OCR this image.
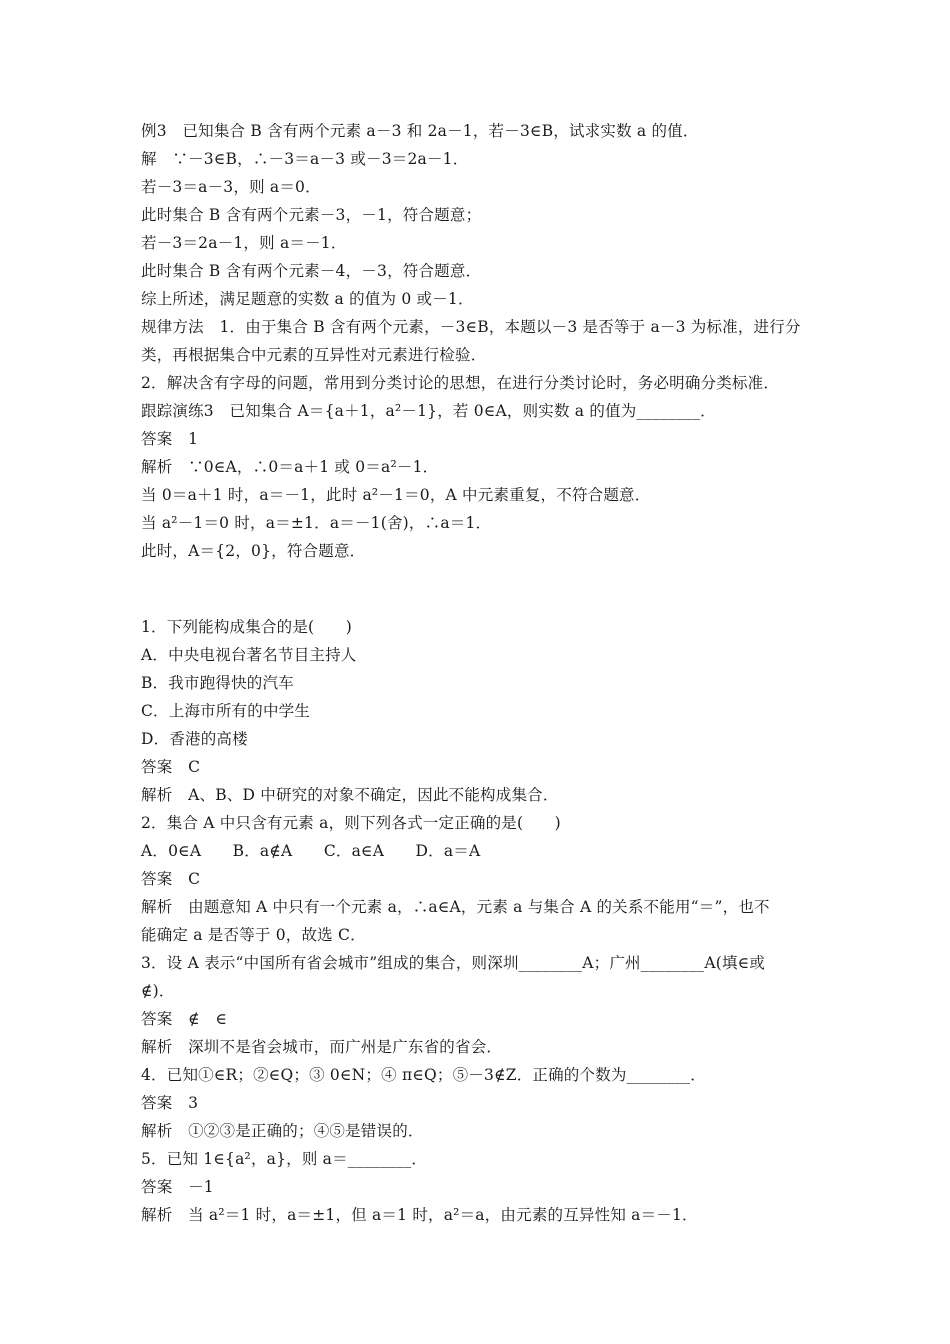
例3　已知集合 B 含有两个元素 a－3 和 2a－1，若－3∈B，试求实数 a 的值．
解　∵－3∈B，∴－3＝a－3 或－3＝2a－1．
若－3＝a－3，则 a＝0．
此时集合 B 含有两个元素－3，－1，符合题意；
若－3＝2a－1，则 a＝－1．
此时集合 B 含有两个元素－4，－3，符合题意．
综上所述，满足题意的实数 a 的值为 0 或－1．
规律方法　1．由于集合 B 含有两个元素，－3∈B，本题以－3 是否等于 a－3 为标准，进行分
类，再根据集合中元素的互异性对元素进行检验．
2．解决含有字母的问题，常用到分类讨论的思想，在进行分类讨论时，务必明确分类标准．
跟踪演练3　已知集合 A＝{a＋1，a²－1}，若 0∈A，则实数 a 的值为________．
答案　1
解析　∵0∈A，∴0＝a＋1 或 0＝a²－1．
当 0＝a＋1 时，a＝－1，此时 a²－1＝0，A 中元素重复，不符合题意．
当 a²－1＝0 时，a＝±1．a＝－1(舍)，∴a＝1．
此时，A＝{2，0}，符合题意．
1．下列能构成集合的是(　　)
A．中央电视台著名节目主持人
B．我市跑得快的汽车
C．上海市所有的中学生
D．香港的高楼
答案　C
解析　A、B、D 中研究的对象不确定，因此不能构成集合．
2．集合 A 中只含有元素 a，则下列各式一定正确的是(　　)
A．0∈A　　B．a∉A　　C．a∈A　　D．a＝A
答案　C
解析　由题意知 A 中只有一个元素 a，∴a∈A，元素 a 与集合 A 的关系不能用“＝”，也不
能确定 a 是否等于 0，故选 C．
3．设 A 表示“中国所有省会城市”组成的集合，则深圳________A；广州________A(填∈或
∉)．
答案　∉　∈
解析　深圳不是省会城市，而广州是广东省的省会．
4．已知①∈R；②∈Q；③ 0∈N；④ π∈Q；⑤－3∉Z．正确的个数为________．
答案　3
解析　①②③是正确的；④⑤是错误的．
5．已知 1∈{a²，a}，则 a＝________．
答案　－1
解析　当 a²＝1 时，a＝±1，但 a＝1 时，a²＝a，由元素的互异性知 a＝－1．
